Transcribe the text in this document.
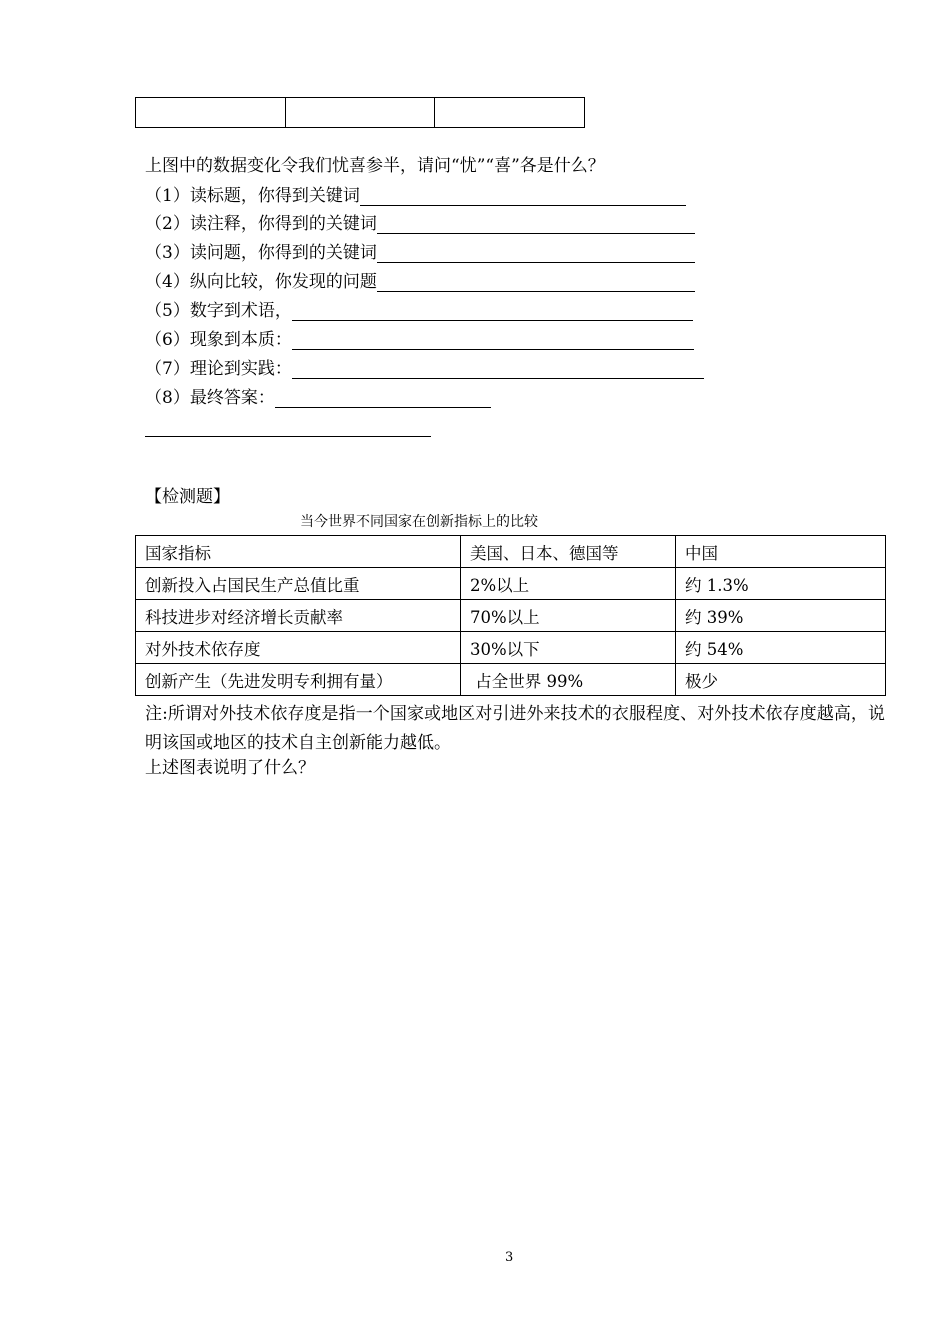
上图中的数据变化令我们忧喜参半，请问“忧”“喜”各是什么？
（1）读标题，你得到关键词
（2）读注释，你得到的关键词
（3）读问题，你得到的关键词
（4）纵向比较，你发现的问题
（5）数字到术语，
（6）现象到本质：
（7）理论到实践：
（8）最终答案：
【检测题】
当今世界不同国家在创新指标上的比较
国家指标	美国、日本、德国等	中国
创新投入占国民生产总值比重	2%以上	约 1.3%
科技进步对经济增长贡献率	70%以上	约 39%
对外技术依存度	30%以下	约 54%
创新产生（先进发明专利拥有量）	占全世界 99%	极少
注:所谓对外技术依存度是指一个国家或地区对引进外来技术的衣服程度、对外技术依存度越高，说明该国或地区的技术自主创新能力越低。
上述图表说明了什么？
3
